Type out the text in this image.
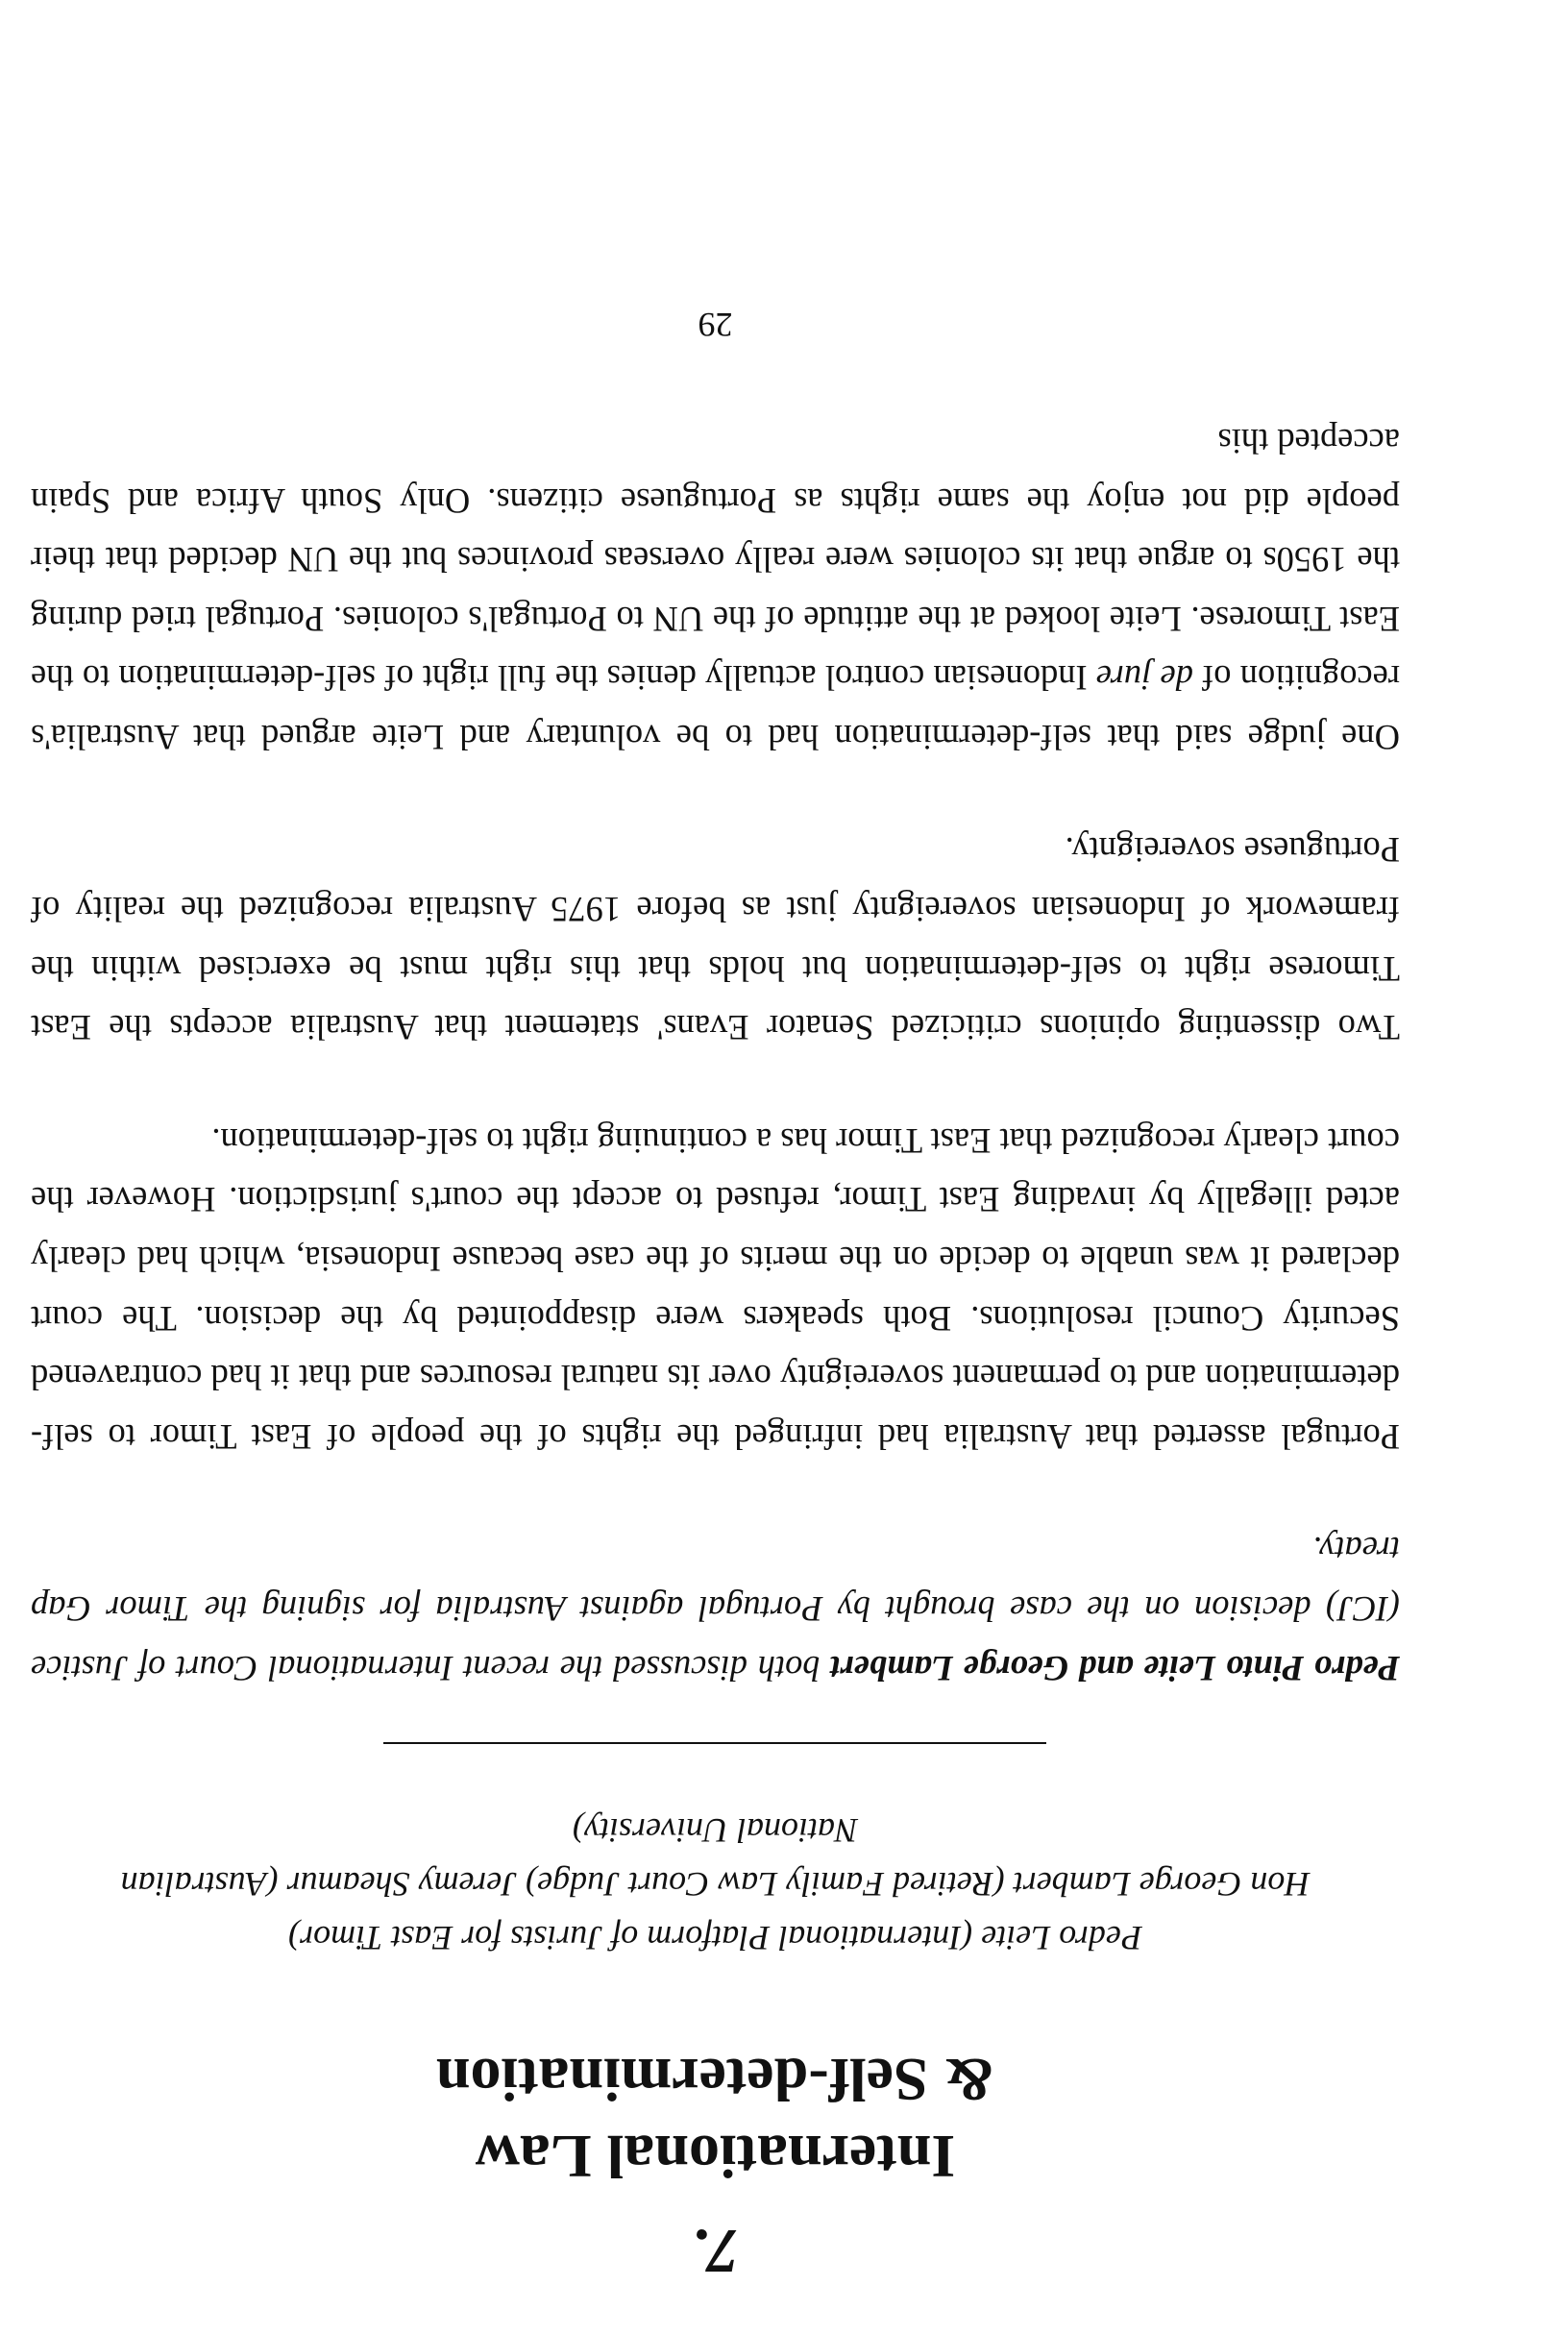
7.
International Law
& Self-determination
Pedro Leite (International Platform of Jurists for East Timor)
Hon George Lambert (Retired Family Law Court Judge) Jeremy Sheamur (Australian National University)

Pedro Pinto Leite and George Lambert both discussed the recent International Court of Justice (ICJ) decision on the case brought by Portugal against Australia for signing the Timor Gap treaty.

Portugal asserted that Australia had infringed the rights of the people of East Timor to self-determination and to permanent sovereignty over its natural resources and that it had contravened Security Council resolutions. Both speakers were disappointed by the decision. The court declared it was unable to decide on the merits of the case because Indonesia, which had clearly acted illegally by invading East Timor, refused to accept the court's jurisdiction. However the court clearly recognized that East Timor has a continuing right to self-determination.

Two dissenting opinions criticized Senator Evans' statement that Australia accepts the East Timorese right to self-determination but holds that this right must be exercised within the framework of Indonesian sovereignty just as before 1975 Australia recognized the reality of Portuguese sovereignty.

One judge said that self-determination had to be voluntary and Leite argued that Australia's recognition of de jure Indonesian control actually denies the full right of self-determination to the East Timorese. Leite looked at the attitude of the UN to Portugal's colonies. Portugal tried during the 1950s to argue that its colonies were really overseas provinces but the UN decided that their people did not enjoy the same rights as Portuguese citizens. Only South Africa and Spain accepted this

29
